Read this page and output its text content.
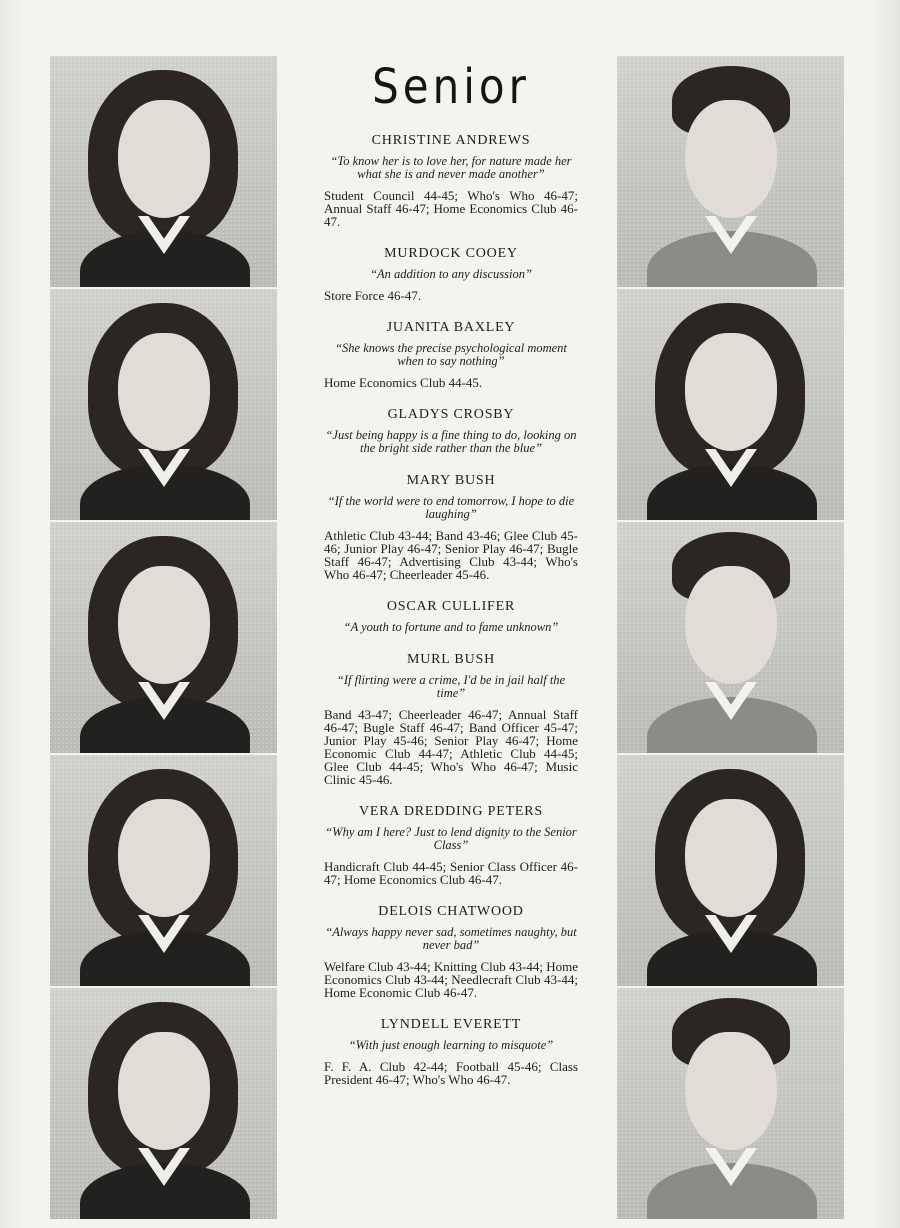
Senior
CHRISTINE ANDREWS
“To know her is to love her, for nature made her what she is and never made another”
Student Council 44-45; Who's Who 46-47; Annual Staff 46-47; Home Economics Club 46-47.
MURDOCK COOEY
“An addition to any discussion”
Store Force 46-47.
JUANITA BAXLEY
“She knows the precise psychological moment when to say nothing”
Home Economics Club 44-45.
GLADYS CROSBY
“Just being happy is a fine thing to do, looking on the bright side rather than the blue”
MARY BUSH
“If the world were to end tomorrow, I hope to die laughing”
Athletic Club 43-44; Band 43-46; Glee Club 45-46; Junior Play 46-47; Senior Play 46-47; Bugle Staff 46-47; Advertising Club 43-44; Who's Who 46-47; Cheerleader 45-46.
OSCAR CULLIFER
“A youth to fortune and to fame unknown”
MURL BUSH
“If flirting were a crime, I'd be in jail half the time”
Band 43-47; Cheerleader 46-47; Annual Staff 46-47; Bugle Staff 46-47; Band Officer 45-47; Junior Play 45-46; Senior Play 46-47; Home Economic Club 44-47; Athletic Club 44-45; Glee Club 44-45; Who's Who 46-47; Music Clinic 45-46.
VERA DREDDING PETERS
“Why am I here? Just to lend dignity to the Senior Class”
Handicraft Club 44-45; Senior Class Officer 46-47; Home Economics Club 46-47.
DELOIS CHATWOOD
“Always happy never sad, sometimes naughty, but never bad”
Welfare Club 43-44; Knitting Club 43-44; Home Economics Club 43-44; Needlecraft Club 43-44; Home Economic Club 46-47.
LYNDELL EVERETT
“With just enough learning to misquote”
F. F. A. Club 42-44; Football 45-46; Class President 46-47; Who's Who 46-47.
